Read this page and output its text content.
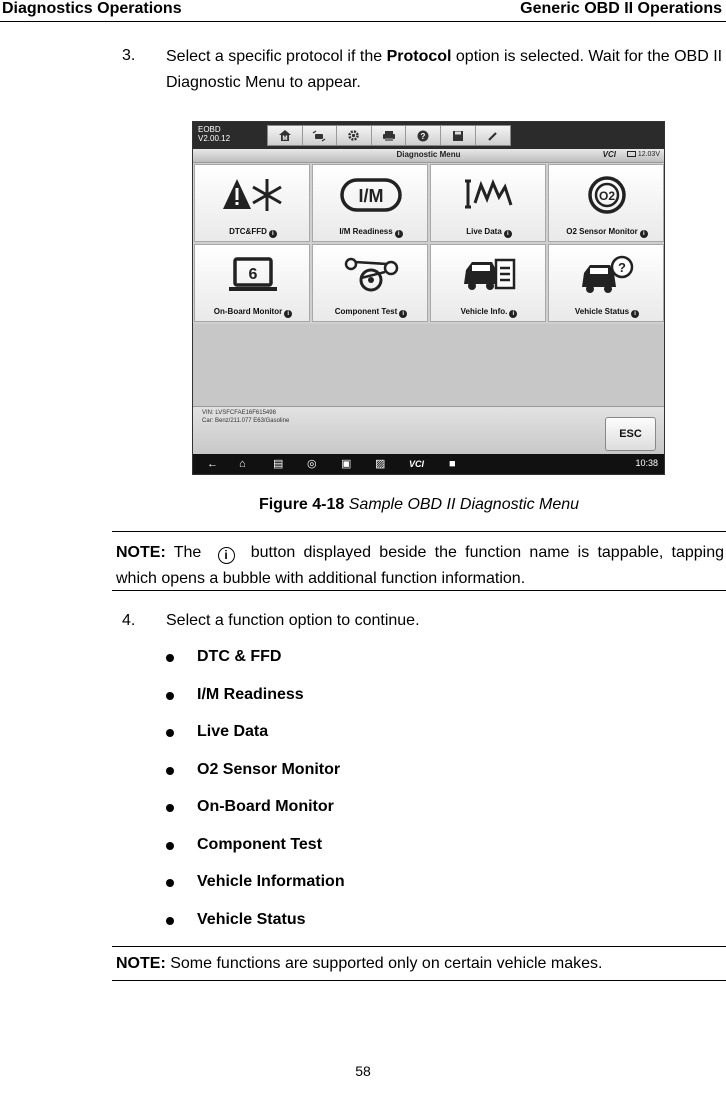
Diagnostics Operations	Generic OBD II Operations
3. Select a specific protocol if the Protocol option is selected. Wait for the OBD II Diagnostic Menu to appear.
EOBD
V2.00.12	M	?
Diagnostic Menu	VCI	12.03V
DTC&FFD i
I/M
I/M Readiness i	Live Data i
O2
O2 Sensor Monitor i
6
On-Board Monitor i	Component Test i	Vehicle Info. i
?
Vehicle Status i
VIN: LVSFCFAE16F615498
Car: Benz/211.077 E63/Gasoline
ESC
← ⌂ ▤ ◎ ▣ ▨	VCI ■	10:38
Figure 4-18 Sample OBD II Diagnostic Menu
NOTE: The i button displayed beside the function name is tappable, tapping which opens a bubble with additional function information.
4. Select a function option to continue.
DTC & FFD
I/M Readiness
Live Data
O2 Sensor Monitor
On-Board Monitor
Component Test
Vehicle Information
Vehicle Status
NOTE: Some functions are supported only on certain vehicle makes.
58
